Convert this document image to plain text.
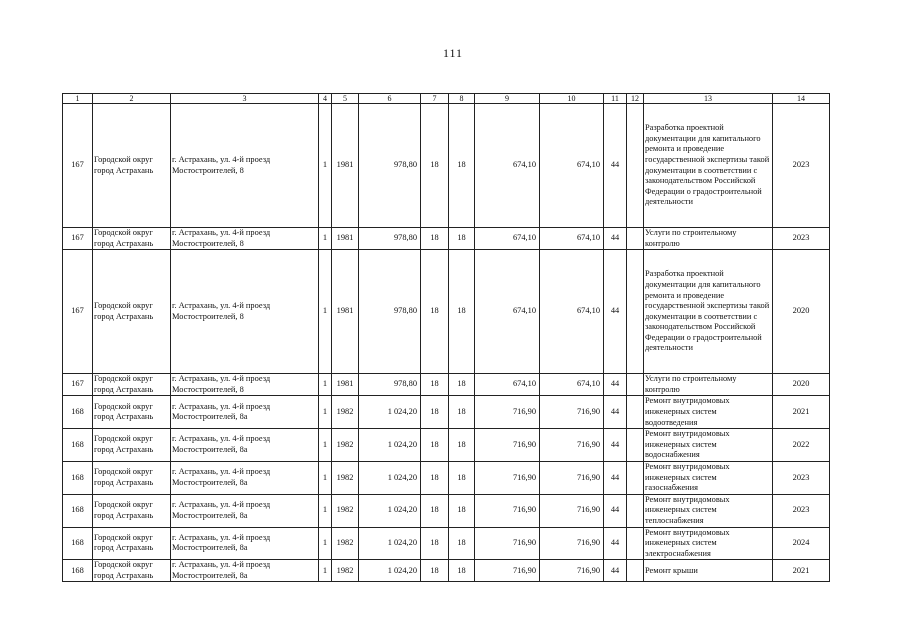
111
1	2	3	4	5	6	7	8	9	10	11	12	13	14
167	Городской округ город Астрахань	г. Астрахань, ул. 4-й проезд Мостостроителей, 8	1	1981	978,80	18	18	674,10	674,10	44		Разработка проектной документации для капитального ремонта и проведение государственной экспертизы такой документации в соответствии с законодательством Российской Федерации о градостроительной деятельности	2023
167	Городской округ город Астрахань	г. Астрахань, ул. 4-й проезд Мостостроителей, 8	1	1981	978,80	18	18	674,10	674,10	44		Услуги по строительному контролю	2023
167	Городской округ город Астрахань	г. Астрахань, ул. 4-й проезд Мостостроителей, 8	1	1981	978,80	18	18	674,10	674,10	44		Разработка проектной документации для капитального ремонта и проведение государственной экспертизы такой документации в соответствии с законодательством Российской Федерации о градостроительной деятельности	2020
167	Городской округ город Астрахань	г. Астрахань, ул. 4-й проезд Мостостроителей, 8	1	1981	978,80	18	18	674,10	674,10	44		Услуги по строительному контролю	2020
168	Городской округ город Астрахань	г. Астрахань, ул. 4-й проезд Мостостроителей, 8а	1	1982	1 024,20	18	18	716,90	716,90	44		Ремонт внутридомовых инженерных систем водоотведения	2021
168	Городской округ город Астрахань	г. Астрахань, ул. 4-й проезд Мостостроителей, 8а	1	1982	1 024,20	18	18	716,90	716,90	44		Ремонт внутридомовых инженерных систем водоснабжения	2022
168	Городской округ город Астрахань	г. Астрахань, ул. 4-й проезд Мостостроителей, 8а	1	1982	1 024,20	18	18	716,90	716,90	44		Ремонт внутридомовых инженерных систем газоснабжения	2023
168	Городской округ город Астрахань	г. Астрахань, ул. 4-й проезд Мостостроителей, 8а	1	1982	1 024,20	18	18	716,90	716,90	44		Ремонт внутридомовых инженерных систем теплоснабжения	2023
168	Городской округ город Астрахань	г. Астрахань, ул. 4-й проезд Мостостроителей, 8а	1	1982	1 024,20	18	18	716,90	716,90	44		Ремонт внутридомовых инженерных систем электроснабжения	2024
168	Городской округ город Астрахань	г. Астрахань, ул. 4-й проезд Мостостроителей, 8а	1	1982	1 024,20	18	18	716,90	716,90	44		Ремонт крыши	2021
